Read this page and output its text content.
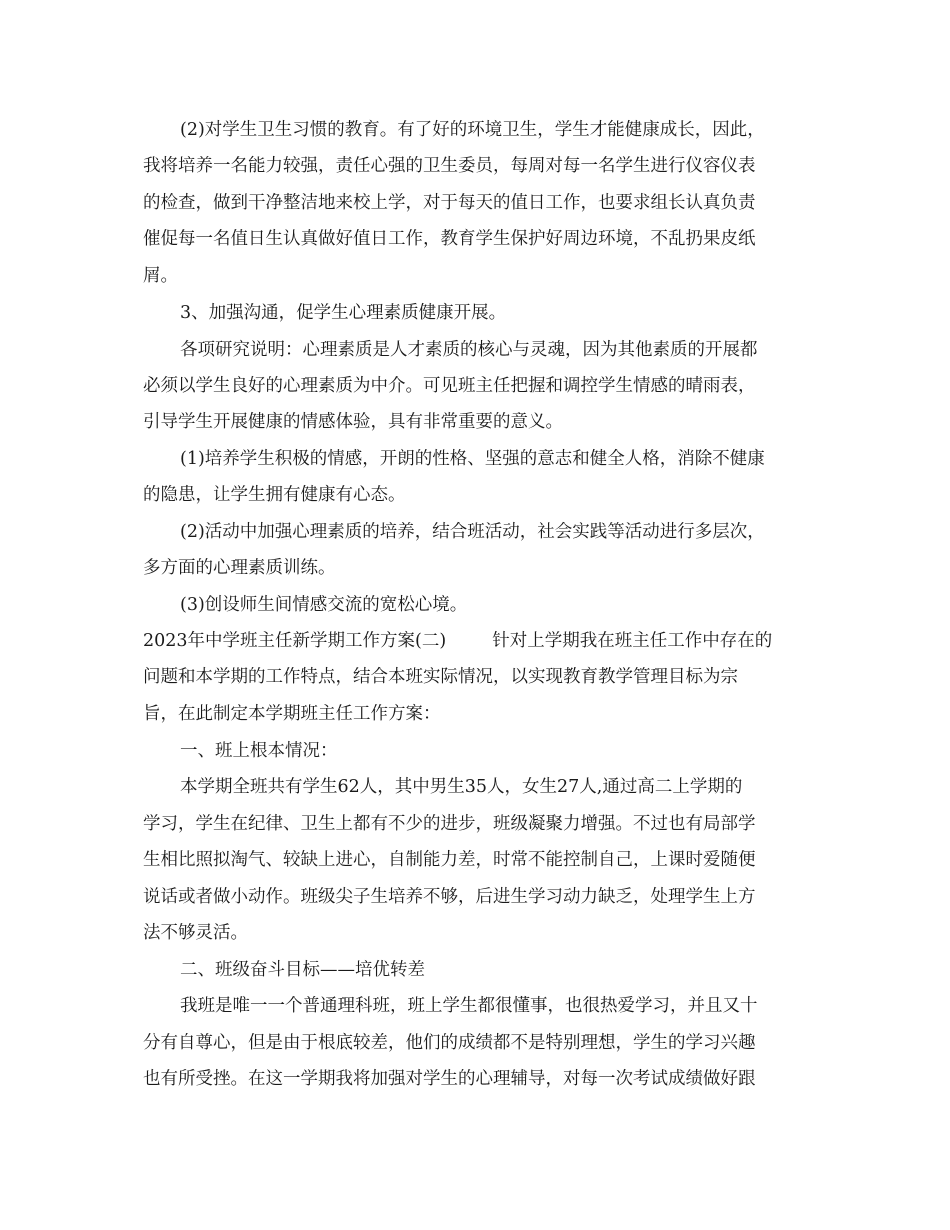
(2)对学生卫生习惯的教育。有了好的环境卫生，学生才能健康成长，因此，
我将培养一名能力较强，责任心强的卫生委员，每周对每一名学生进行仪容仪表
的检查，做到干净整洁地来校上学，对于每天的值日工作，也要求组长认真负责
催促每一名值日生认真做好值日工作，教育学生保护好周边环境，不乱扔果皮纸
屑。
3、加强沟通，促学生心理素质健康开展。
各项研究说明：心理素质是人才素质的核心与灵魂，因为其他素质的开展都
必须以学生良好的心理素质为中介。可见班主任把握和调控学生情感的晴雨表，
引导学生开展健康的情感体验，具有非常重要的意义。
(1)培养学生积极的情感，开朗的性格、坚强的意志和健全人格，消除不健康
的隐患，让学生拥有健康有心态。
(2)活动中加强心理素质的培养，结合班活动，社会实践等活动进行多层次，
多方面的心理素质训练。
(3)创设师生间情感交流的宽松心境。
2023年中学班主任新学期工作方案(二)	针对上学期我在班主任工作中存在的
问题和本学期的工作特点，结合本班实际情况，以实现教育教学管理目标为宗
旨，在此制定本学期班主任工作方案：
一、班上根本情况：
本学期全班共有学生62人，其中男生35人，女生27人,通过高二上学期的
学习，学生在纪律、卫生上都有不少的进步，班级凝聚力增强。不过也有局部学
生相比照拟淘气、较缺上进心，自制能力差，时常不能控制自己，上课时爱随便
说话或者做小动作。班级尖子生培养不够，后进生学习动力缺乏，处理学生上方
法不够灵活。
二、班级奋斗目标——培优转差
我班是唯一一个普通理科班，班上学生都很懂事，也很热爱学习，并且又十
分有自尊心，但是由于根底较差，他们的成绩都不是特别理想，学生的学习兴趣
也有所受挫。在这一学期我将加强对学生的心理辅导，对每一次考试成绩做好跟
